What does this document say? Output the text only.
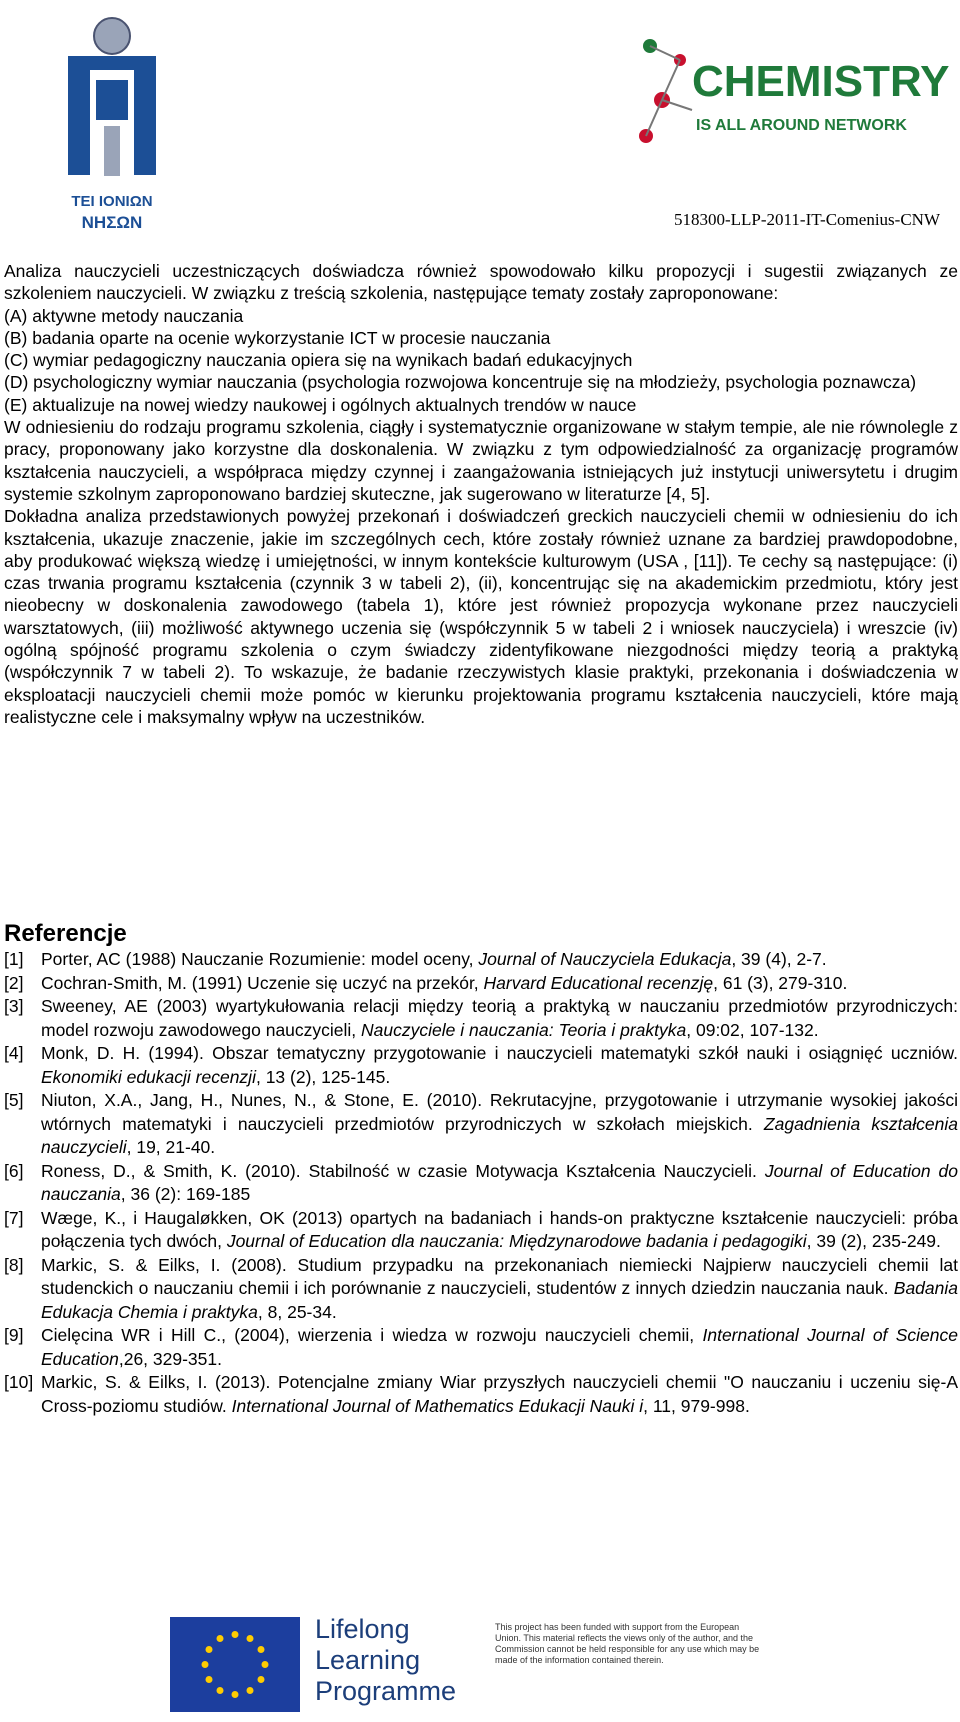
TEI IONIΩN
NHΣΩN
CHEMISTRY
IS ALL AROUND NETWORK
518300-LLP-2011-IT-Comenius-CNW

Analiza nauczycieli uczestniczących doświadcza również spowodowało kilku propozycji i sugestii związanych ze szkoleniem nauczycieli. W związku z treścią szkolenia, następujące tematy zostały zaproponowane:

(A) aktywne metody nauczania

(B) badania oparte na ocenie wykorzystanie ICT w procesie nauczania

(C) wymiar pedagogiczny nauczania opiera się na wynikach badań edukacyjnych

(D) psychologiczny wymiar nauczania (psychologia rozwojowa koncentruje się na młodzieży, psychologia poznawcza)

(E) aktualizuje na nowej wiedzy naukowej i ogólnych aktualnych trendów w nauce

W odniesieniu do rodzaju programu szkolenia, ciągły i systematycznie organizowane w stałym tempie, ale nie równolegle z pracy, proponowany jako korzystne dla doskonalenia. W związku z tym odpowiedzialność za organizację programów kształcenia nauczycieli, a współpraca między czynnej i zaangażowania istniejących już instytucji uniwersytetu i drugim systemie szkolnym zaproponowano bardziej skuteczne, jak sugerowano w literaturze [4, 5].

Dokładna analiza przedstawionych powyżej przekonań i doświadczeń greckich nauczycieli chemii w odniesieniu do ich kształcenia, ukazuje znaczenie, jakie im szczególnych cech, które zostały również uznane za bardziej prawdopodobne, aby produkować większą wiedzę i umiejętności, w innym kontekście kulturowym (USA , [11]). Te cechy są następujące: (i) czas trwania programu kształcenia (czynnik 3 w tabeli 2), (ii), koncentrując się na akademickim przedmiotu, który jest nieobecny w doskonalenia zawodowego (tabela 1), które jest również propozycja wykonane przez nauczycieli warsztatowych, (iii) możliwość aktywnego uczenia się (współczynnik 5 w tabeli 2 i wniosek nauczyciela) i wreszcie (iv) ogólną spójność programu szkolenia o czym świadczy zidentyfikowane niezgodności między teorią a praktyką (współczynnik 7 w tabeli 2). To wskazuje, że badanie rzeczywistych klasie praktyki, przekonania i doświadczenia w eksploatacji nauczycieli chemii może pomóc w kierunku projektowania programu kształcenia nauczycieli, które mają realistyczne cele i maksymalny wpływ na uczestników.

Referencje
[1]	Porter, AC (1988) Nauczanie Rozumienie: model oceny, Journal of Nauczyciela Edukacja, 39 (4), 2-7.
[2]	Cochran-Smith, M. (1991) Uczenie się uczyć na przekór, Harvard Educational recenzję, 61 (3), 279-310.
[3]	Sweeney, AE (2003) wyartykułowania relacji między teorią a praktyką w nauczaniu przedmiotów przyrodniczych: model rozwoju zawodowego nauczycieli, Nauczyciele i nauczania: Teoria i praktyka, 09:02, 107-132.
[4]	Monk, D. H. (1994). Obszar tematyczny przygotowanie i nauczycieli matematyki szkół nauki i osiągnięć uczniów. Ekonomiki edukacji recenzji, 13 (2), 125-145.
[5]	Niuton, X.A., Jang, H., Nunes, N., & Stone, E. (2010). Rekrutacyjne, przygotowanie i utrzymanie wysokiej jakości wtórnych matematyki i nauczycieli przedmiotów przyrodniczych w szkołach miejskich. Zagadnienia kształcenia nauczycieli, 19, 21-40.
[6]	Roness, D., & Smith, K. (2010). Stabilność w czasie Motywacja Kształcenia Nauczycieli. Journal of Education do nauczania, 36 (2): 169-185
[7]	Wæge, K., i Haugaløkken, OK (2013) opartych na badaniach i hands-on praktyczne kształcenie nauczycieli: próba połączenia tych dwóch, Journal of Education dla nauczania: Międzynarodowe badania i pedagogiki, 39 (2), 235-249.
[8]	Markic, S. & Eilks, I. (2008). Studium przypadku na przekonaniach niemiecki Najpierw nauczycieli chemii lat studenckich o nauczaniu chemii i ich porównanie z nauczycieli, studentów z innych dziedzin nauczania nauk. Badania Edukacja Chemia i praktyka, 8, 25-34.
[9]	Cielęcina WR i Hill C., (2004), wierzenia i wiedza w rozwoju nauczycieli chemii, International Journal of Science Education,26, 329-351.
[10] Markic, S. & Eilks, I. (2013). Potencjalne zmiany Wiar przyszłych nauczycieli chemii "O nauczaniu i uczeniu się-A Cross-poziomu studiów. International Journal of Mathematics Edukacji Nauki i, 11, 979-998.
Lifelong
Learning
Programme
This project has been funded with support from the European Union. This material reflects the views only of the author, and the Commission cannot be held responsible for any use which may be made of the information contained therein.
